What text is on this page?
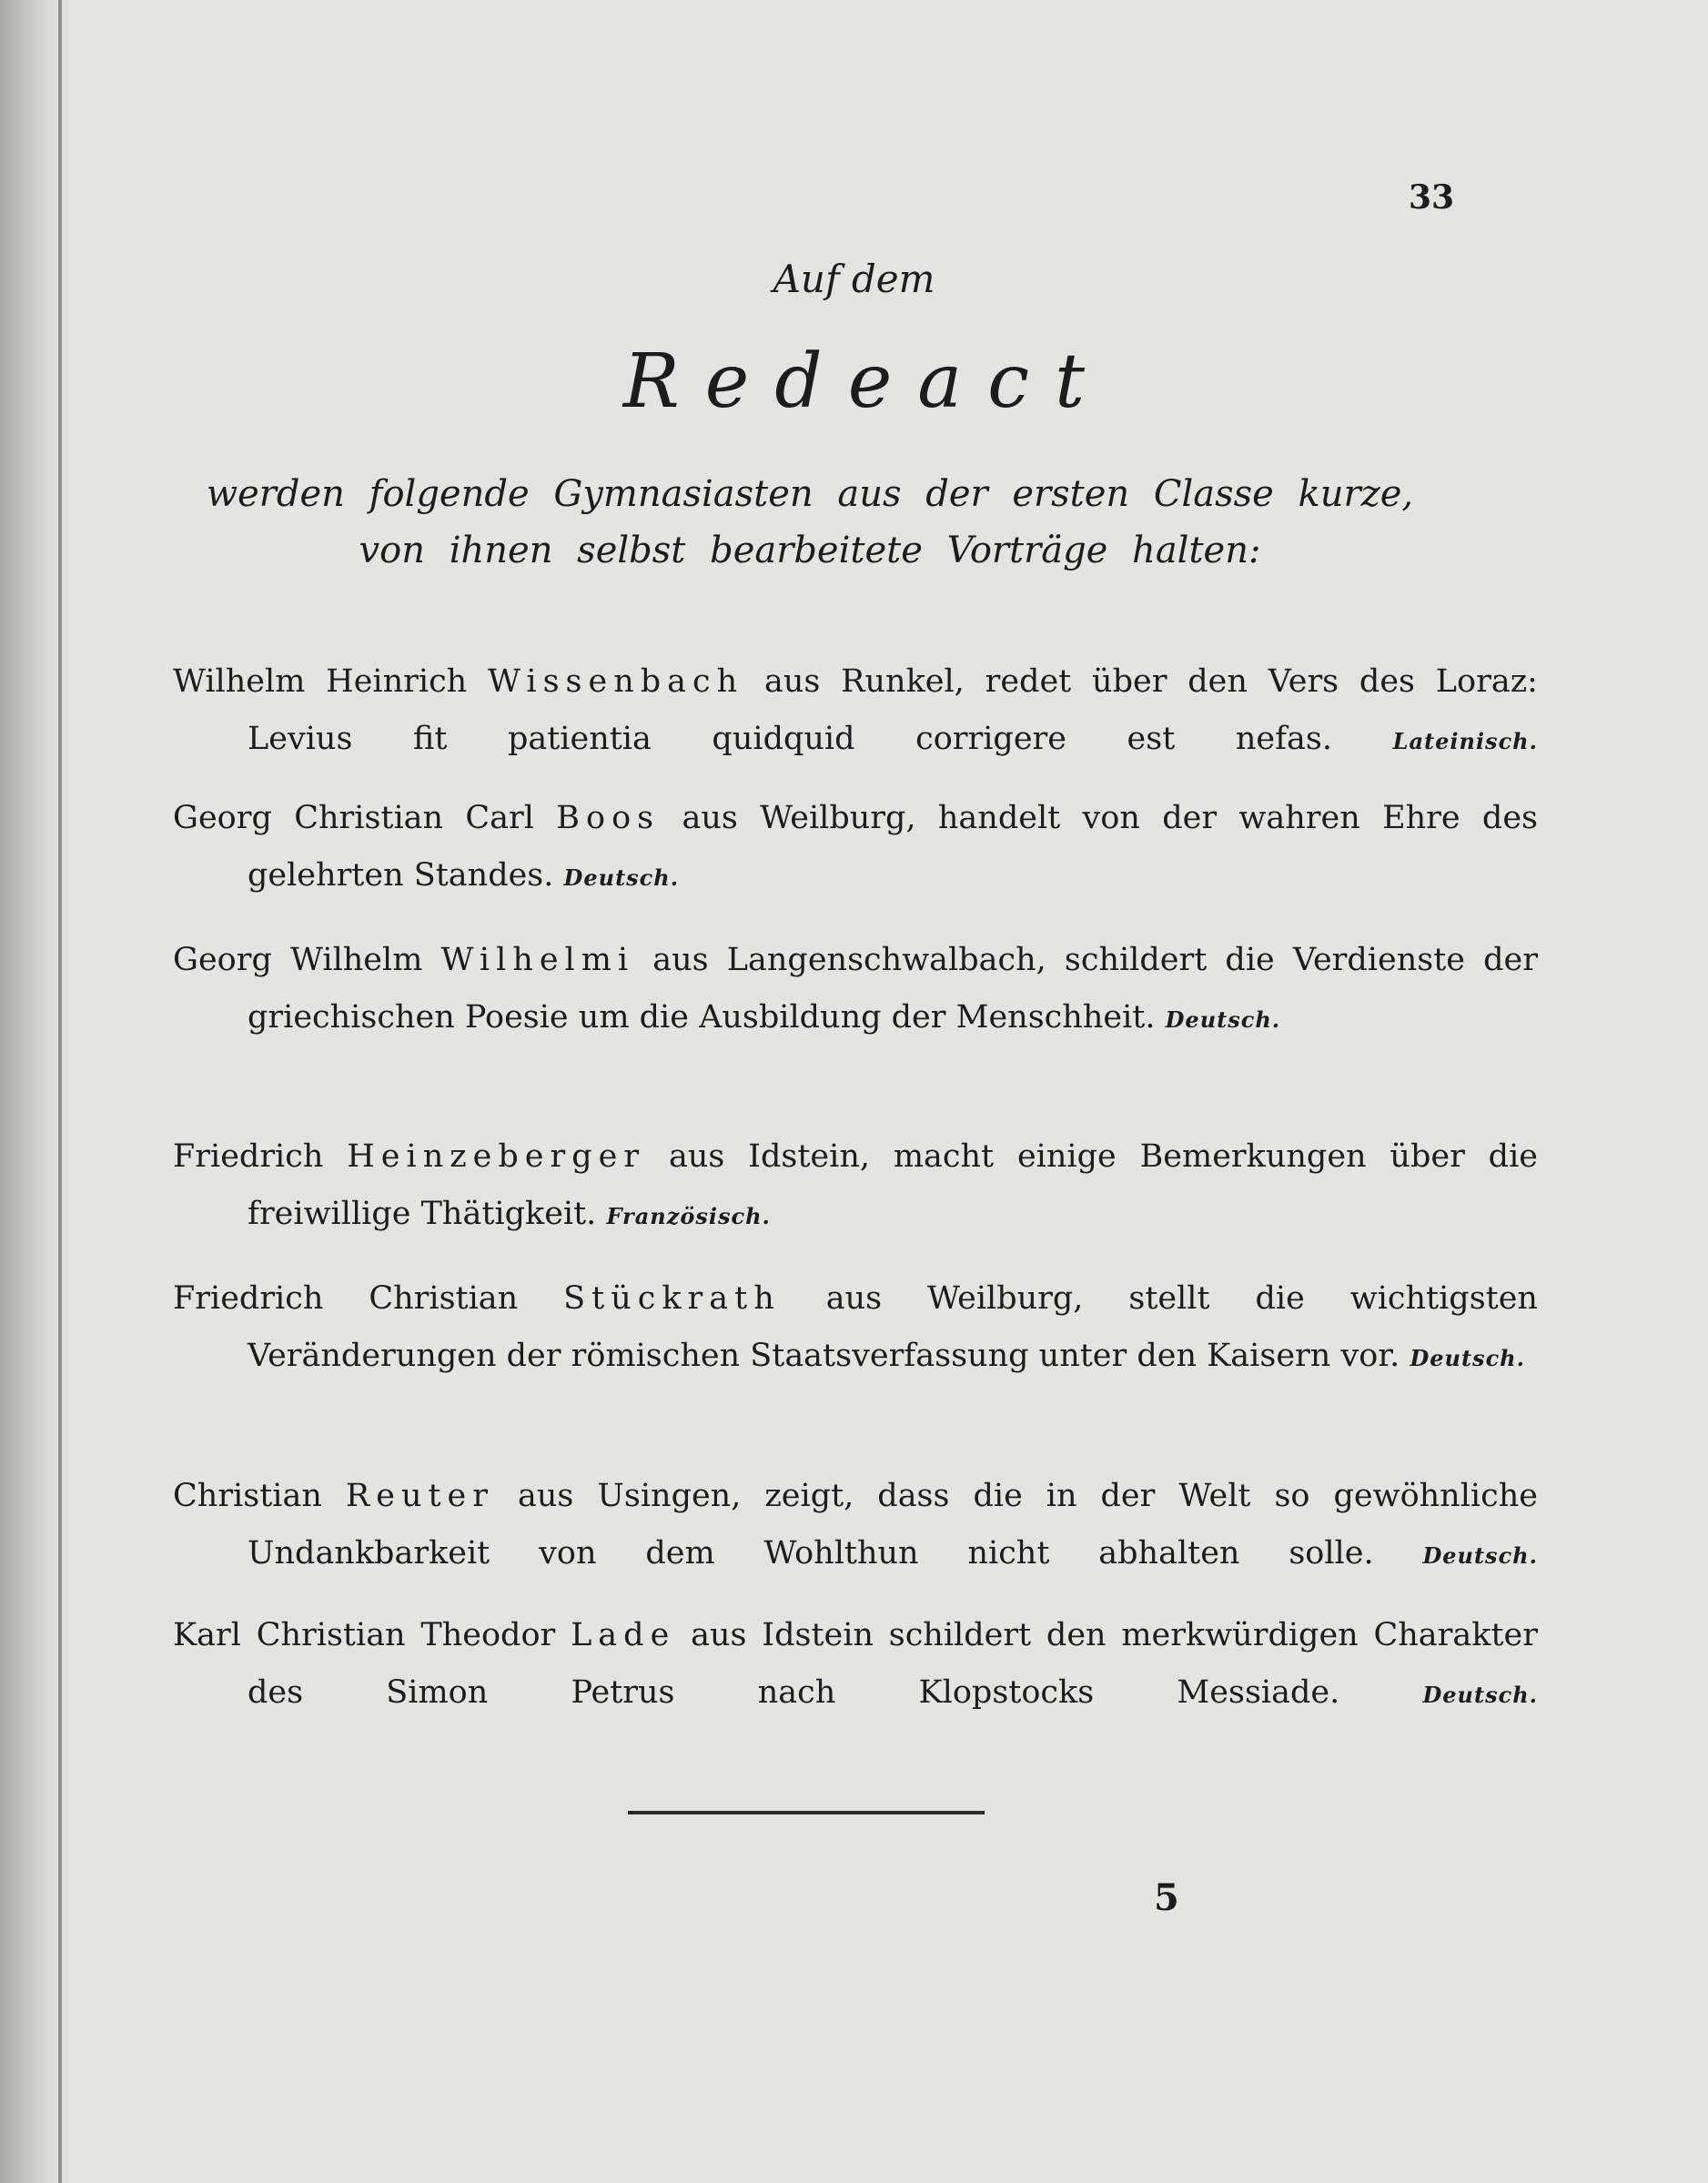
33
Auf dem
Redeact
werden folgende Gymnasiasten aus der ersten Classe kurze,
von ihnen selbst bearbeitete Vorträge halten:
Wilhelm Heinrich Wissenbach aus Runkel, redet über den Vers des Loraz: Levius fit patientia quidquid corrigere est nefas.	Lateinisch.
Georg Christian Carl Boos aus Weilburg, handelt von der wahren Ehre des gelehrten Standes. Deutsch.
Georg Wilhelm Wilhelmi aus Langenschwalbach, schildert die Verdienste der griechischen Poesie um die Ausbildung der Menschheit. Deutsch.
Friedrich Heinzeberger aus Idstein, macht einige Bemerkungen über die freiwillige Thätigkeit. Französisch.
Friedrich Christian Stückrath aus Weilburg, stellt die wichtigsten Veränderungen der römischen Staatsverfassung unter den Kaisern vor. Deutsch.
Christian Reuter aus Usingen, zeigt, dass die in der Welt so gewöhnliche Undankbarkeit von dem Wohlthun nicht abhalten solle. Deutsch.
Karl Christian Theodor Lade aus Idstein schildert den merkwürdigen Charakter des Simon Petrus nach Klopstocks Messiade.	Deutsch.
5
